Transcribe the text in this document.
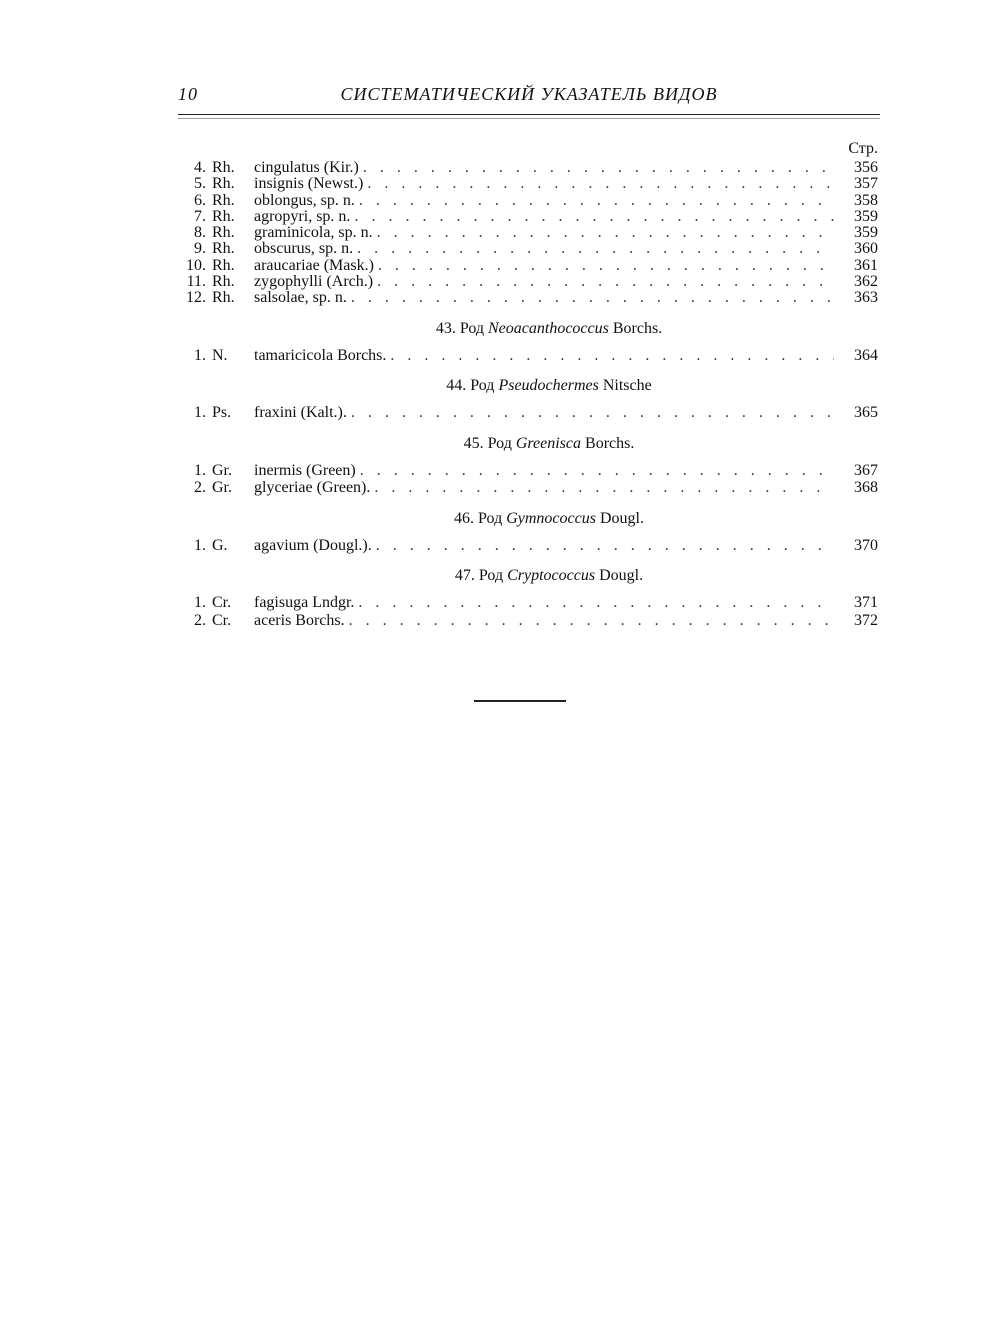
10	СИСТЕМАТИЧЕСКИЙ УКАЗАТЕЛЬ ВИДОВ
Стр.
4. Rh.	cingulatus (Kir.) . . .	356
5. Rh.	insignis (Newst.) . . .	357
6. Rh.	oblongus, sp. n. . . .	358
7. Rh.	agropyri, sp. n. . . .	359
8. Rh.	graminicola, sp. n. . . .	359
9. Rh.	obscurus, sp. n. . . .	360
10. Rh.	araucariae (Mask.) . . .	361
11. Rh.	zygophylli (Arch.) . . .	362
12. Rh.	salsolae, sp. n. . . .	363
43. Род Neoacanthococcus Borchs.
1. N.	tamaricicola Borchs. . . .	364
44. Род Pseudochermes Nitsche
1. Ps.	fraxini (Kalt.). . . .	365
45. Род Greenisca Borchs.
1. Gr.	inermis (Green) . . .	367
2. Gr.	glyceriae (Green). . . .	368
46. Род Gymnococcus Dougl.
1. G.	agavium (Dougl.). . . .	370
47. Род Cryptococcus Dougl.
1. Cr.	fagisuga Lndgr. . . .	371
2. Cr.	aceris Borchs. . . .	372
